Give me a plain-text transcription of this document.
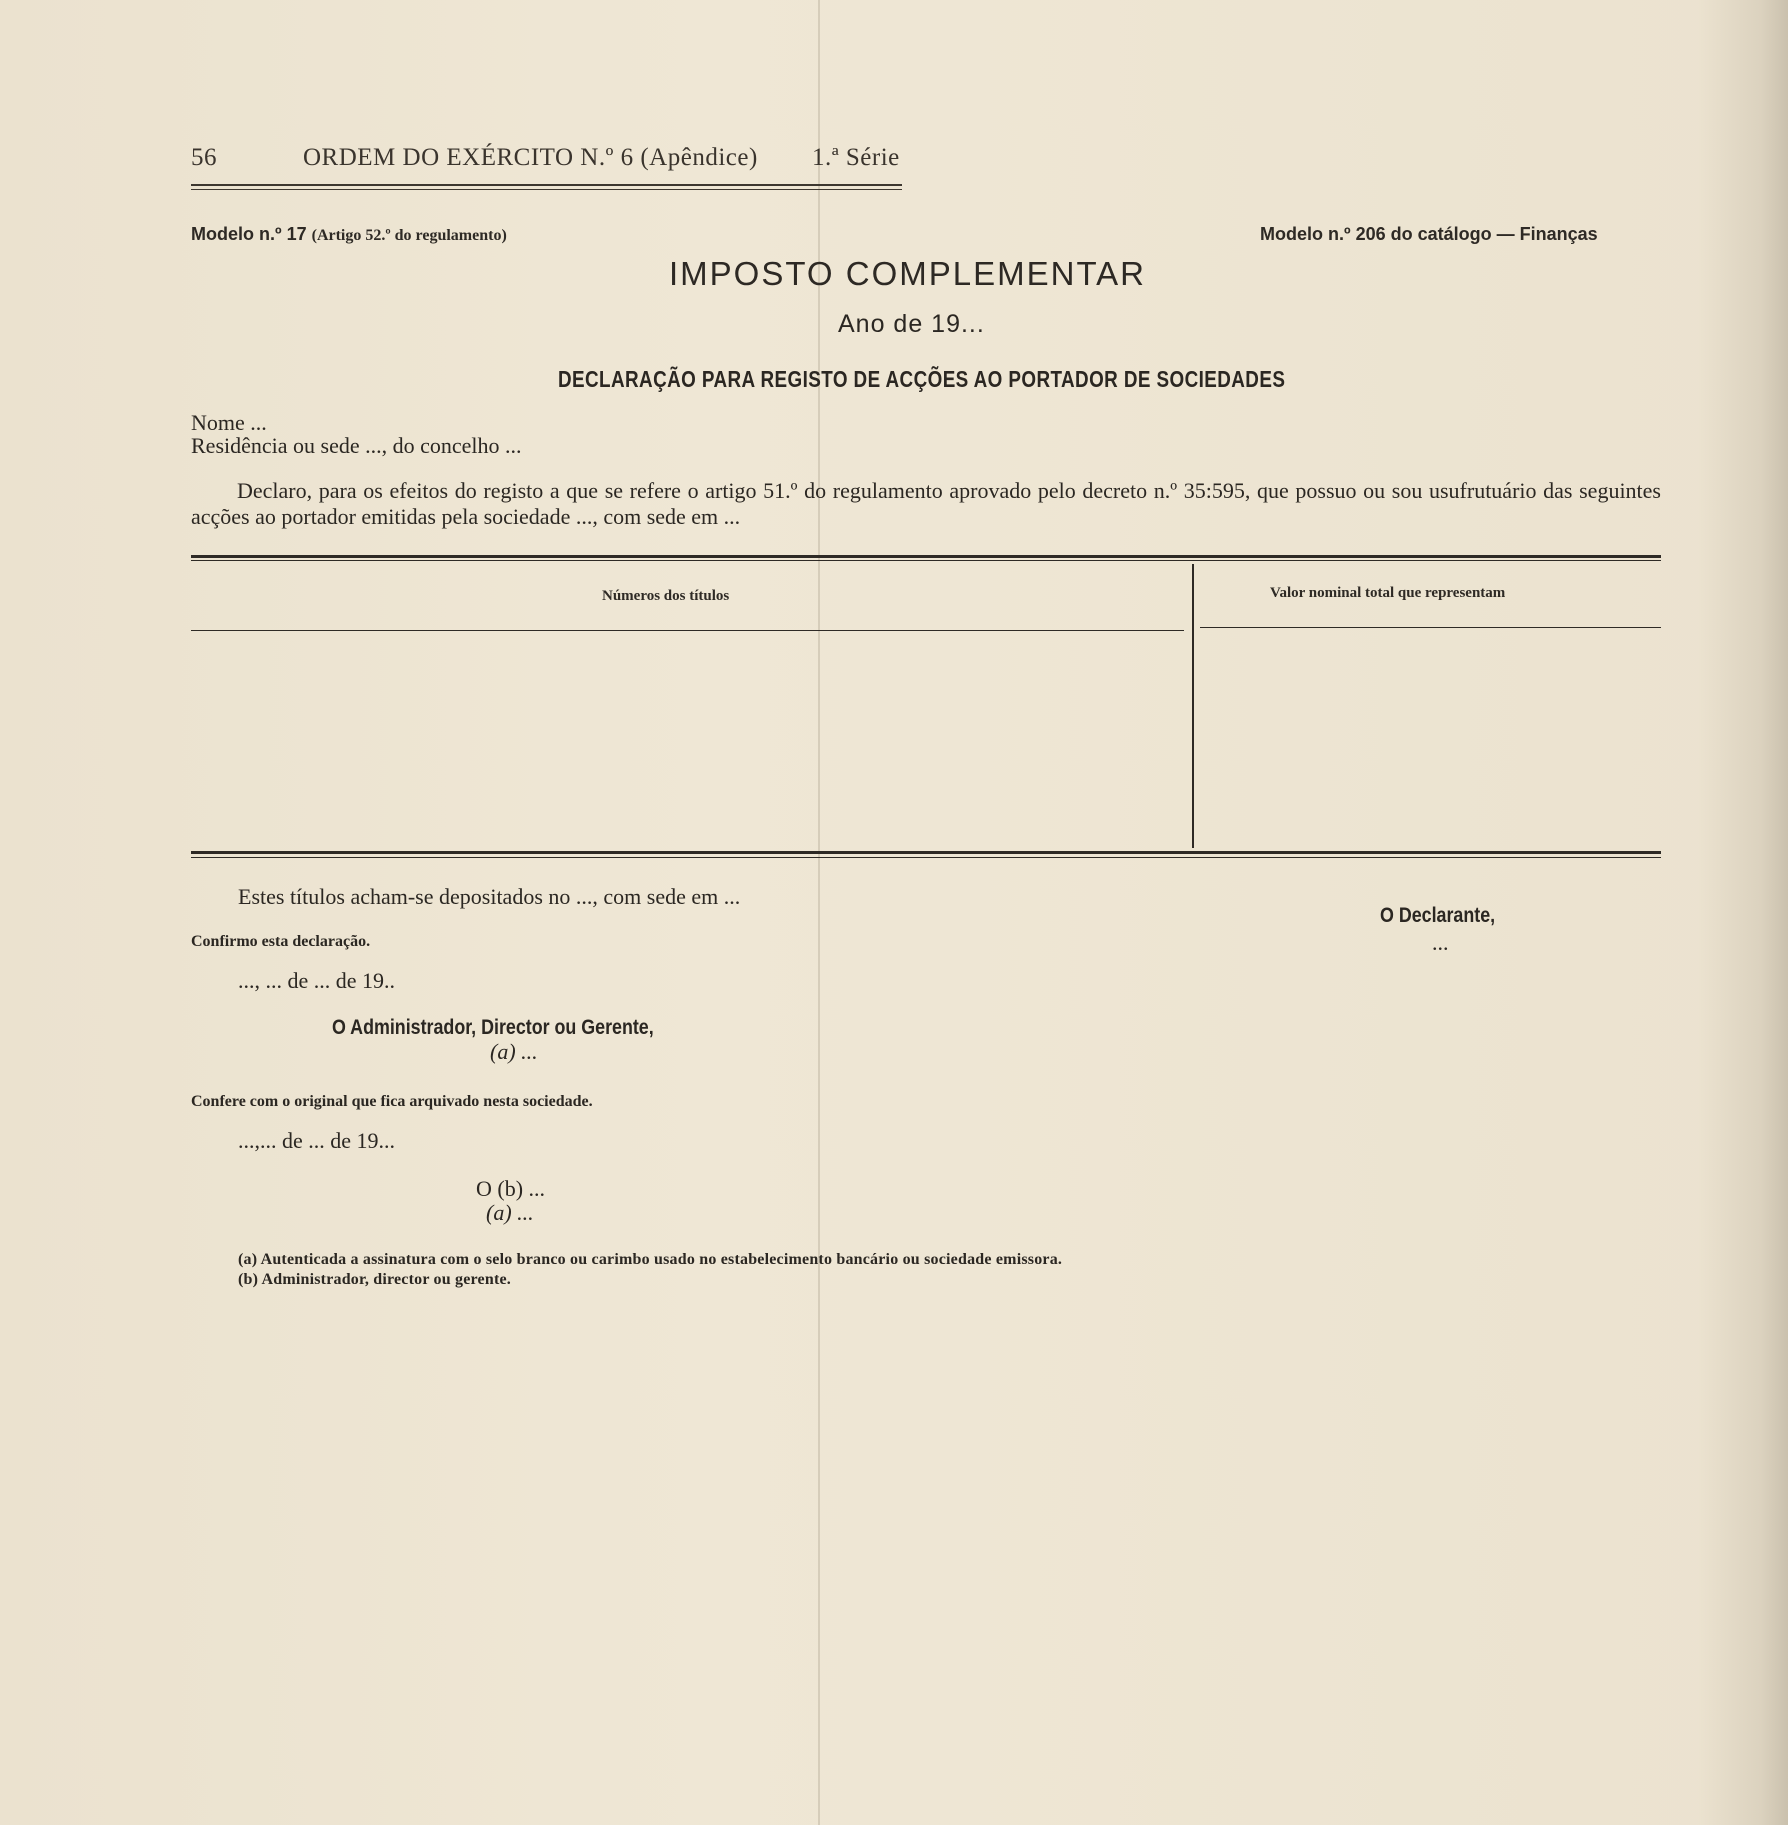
56	ORDEM DO EXÉRCITO N.º 6 (Apêndice) 1.ª Série
Modelo n.º 17 (Artigo 52.º do regulamento)	Modelo n.º 206 do catálogo — Finanças
IMPOSTO COMPLEMENTAR
Ano de 19...
DECLARAÇÃO PARA REGISTO DE ACÇÕES AO PORTADOR DE SOCIEDADES
Nome ...
Residência ou sede ..., do concelho ...
Declaro, para os efeitos do registo a que se refere o artigo 51.º do regulamento aprovado pelo decreto n.º 35:595, que possuo ou sou usufrutuário das seguintes acções ao portador emitidas pela sociedade ..., com sede em ...
Números dos títulos	Valor nominal total que representam
Estes títulos acham-se depositados no ..., com sede em ...
O Declarante,
...
Confirmo esta declaração.
..., ... de ... de 19..
O Administrador, Director ou Gerente,
(a) ...
Confere com o original que fica arquivado nesta sociedade.
...,... de ... de 19...
O (b) ...
(a) ...
(a) Autenticada a assinatura com o selo branco ou carimbo usado no estabelecimento bancário ou sociedade emissora.
(b) Administrador, director ou gerente.
